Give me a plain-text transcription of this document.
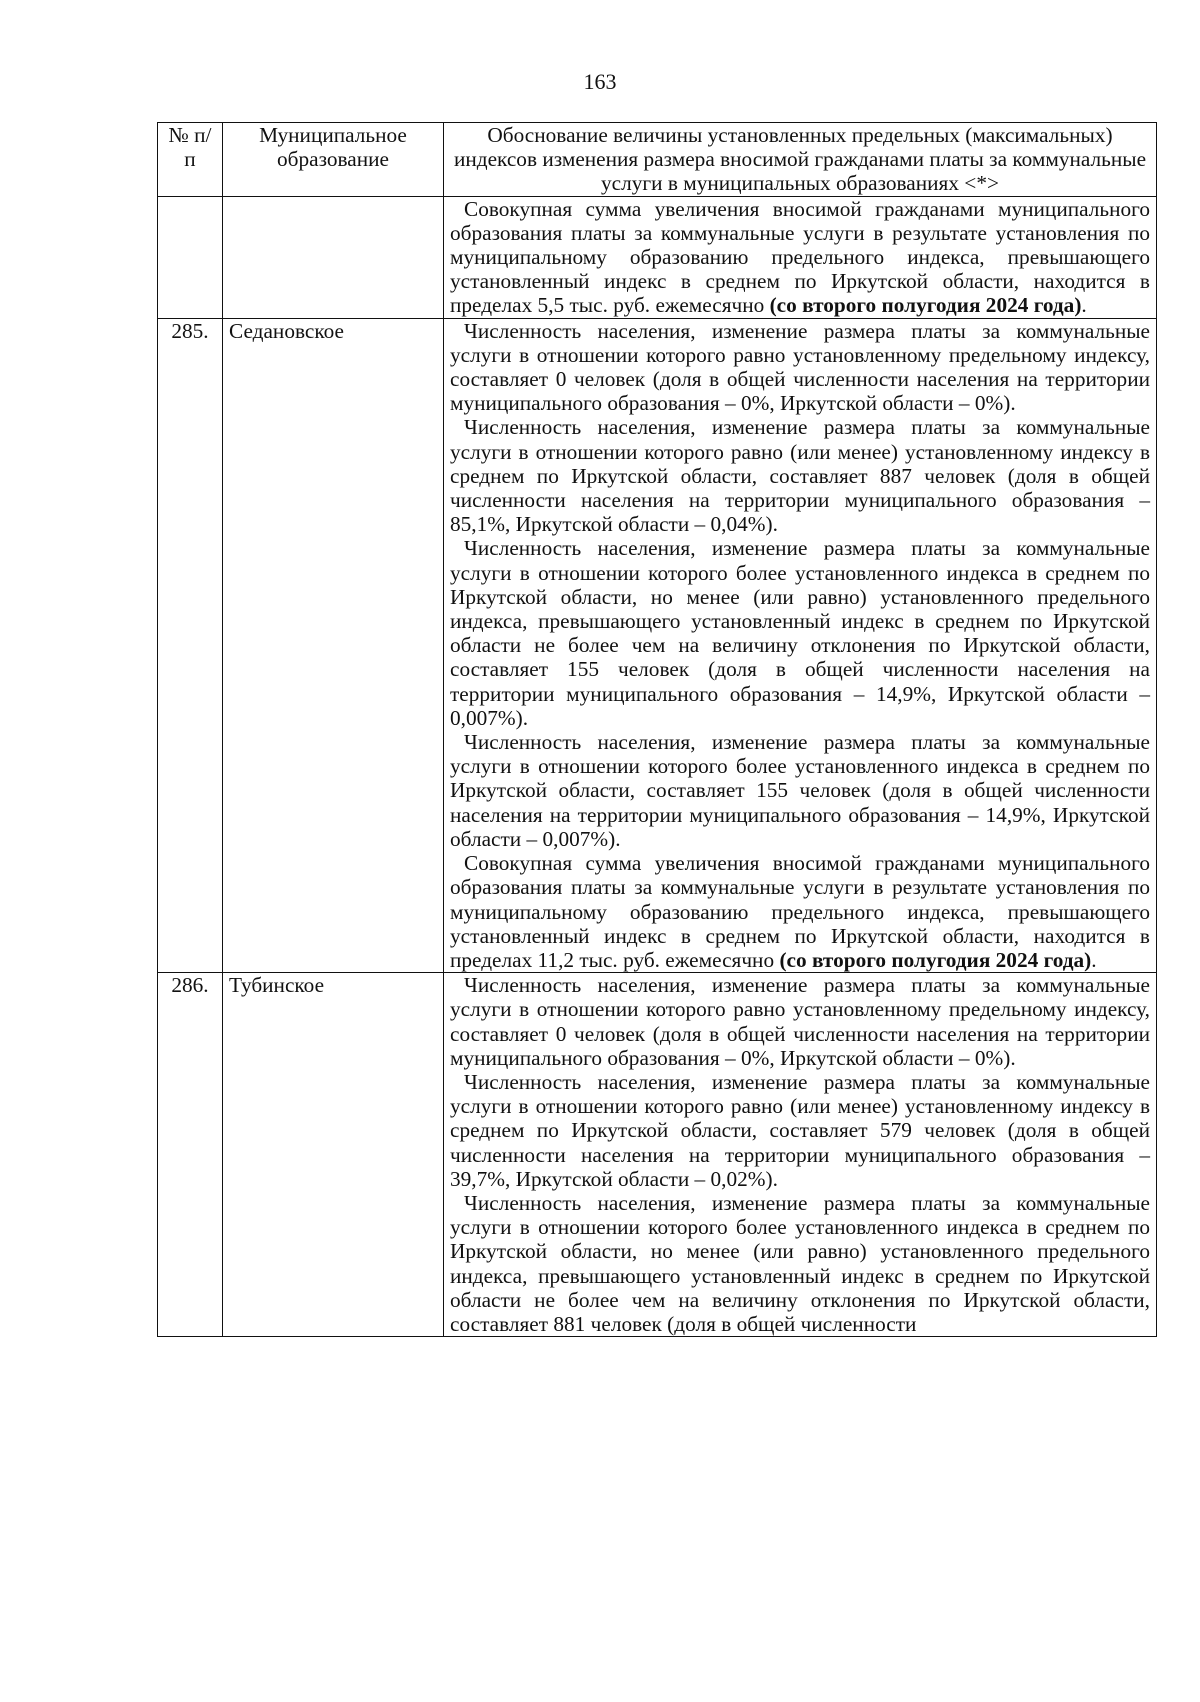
163
№ п/п	Муниципальное образование	Обоснование величины установленных предельных (максимальных) индексов изменения размера вносимой гражданами платы за коммунальные услуги в муниципальных образованиях <*>

		Совокупная сумма увеличения вносимой гражданами муниципального образования платы за коммунальные услуги в результате установления по муниципальному образованию предельного индекса, превышающего установленный индекс в среднем по Иркутской области, находится в пределах 5,5 тыс. руб. ежемесячно (со второго полугодия 2024 года).

285.	Седановское	Численность населения, изменение размера платы за коммунальные услуги в отношении которого равно установленному предельному индексу, составляет 0 человек (доля в общей численности населения на территории муниципального образования – 0%, Иркутской области – 0%).

Численность населения, изменение размера платы за коммунальные услуги в отношении которого равно (или менее) установленному индексу в среднем по Иркутской области, составляет 887 человек (доля в общей численности населения на территории муниципального образования – 85,1%, Иркутской области – 0,04%).

Численность населения, изменение размера платы за коммунальные услуги в отношении которого более установленного индекса в среднем по Иркутской области, но менее (или равно) установленного предельного индекса, превышающего установленный индекс в среднем по Иркутской области не более чем на величину отклонения по Иркутской области, составляет 155 человек (доля в общей численности населения на территории муниципального образования – 14,9%, Иркутской области – 0,007%).

Численность населения, изменение размера платы за коммунальные услуги в отношении которого более установленного индекса в среднем по Иркутской области, составляет 155 человек (доля в общей численности населения на территории муниципального образования – 14,9%, Иркутской области – 0,007%).

Совокупная сумма увеличения вносимой гражданами муниципального образования платы за коммунальные услуги в результате установления по муниципальному образованию предельного индекса, превышающего установленный индекс в среднем по Иркутской области, находится в пределах 11,2 тыс. руб. ежемесячно (со второго полугодия 2024 года).

286.	Тубинское	Численность населения, изменение размера платы за коммунальные услуги в отношении которого равно установленному предельному индексу, составляет 0 человек (доля в общей численности населения на территории муниципального образования – 0%, Иркутской области – 0%).

Численность населения, изменение размера платы за коммунальные услуги в отношении которого равно (или менее) установленному индексу в среднем по Иркутской области, составляет 579 человек (доля в общей численности населения на территории муниципального образования – 39,7%, Иркутской области – 0,02%).

Численность населения, изменение размера платы за коммунальные услуги в отношении которого более установленного индекса в среднем по Иркутской области, но менее (или равно) установленного предельного индекса, превышающего установленный индекс в среднем по Иркутской области не более чем на величину отклонения по Иркутской области, составляет 881 человек (доля в общей численности
